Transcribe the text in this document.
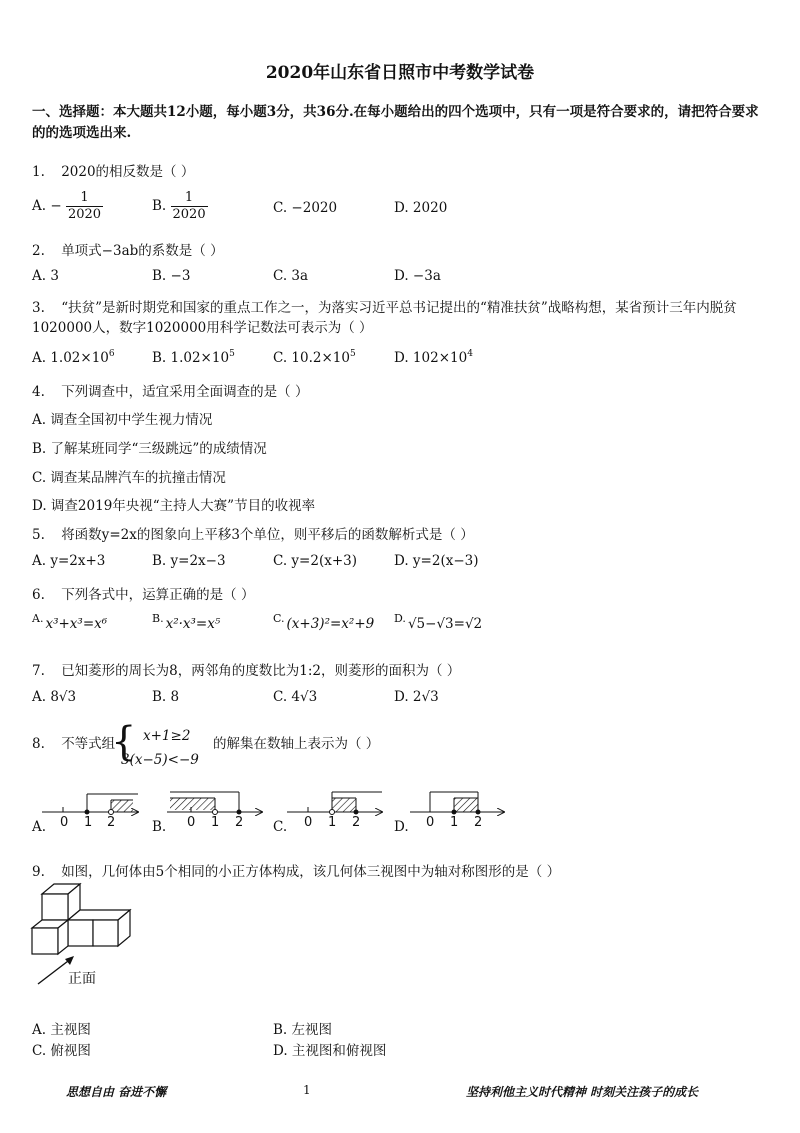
2020年山东省日照市中考数学试卷
一、选择题：本大题共12小题，每小题3分，共36分.在每小题给出的四个选项中，只有一项是符合要求的，请把符合要求的的选项选出来.
1. 2020的相反数是（ ）
A. − $\frac{1}{2020}$	B. $\frac{1}{2020}$	C. −2020	D. 2020
2. 单项式−3ab的系数是（ ）
A. 3	B. −3	C. 3a	D. −3a
3. “扶贫”是新时期党和国家的重点工作之一，为落实习近平总书记提出的“精准扶贫”战略构想，某省预计三年内脱贫1020000人，数字1020000用科学记数法可表示为（ ）
A. $1.02\times 10^6$	B. $1.02\times 10^5$	C. $10.2\times 10^5$	D. $102\times 10^4$
4. 下列调查中，适宜采用全面调查的是（ ）
A. 调查全国初中学生视力情况
B. 了解某班同学“三级跳远”的成绩情况
C. 调查某品牌汽车的抗撞击情况
D. 调查2019年央视“主持人大赛”节目的收视率
5. 将函数y=2x的图象向上平移3个单位，则平移后的函数解析式是（ ）
A. y=2x+3	B. y=2x−3	C. y=2(x+3)	D. y=2(x−3)
6. 下列各式中，运算正确的是（ ）
$^{A.}$ x³+x³=x⁶	$^{B.}$ x²·x³=x⁵	$^{C.}$ (x+3)²=x²+9 $^{D.}$ √5−√3=√2
7. 已知菱形的周长为8，两邻角的度数比为1:2，则菱形的面积为（ ）
A. 8√3	B. 8	C. 4√3	D. 2√3
8. 不等式组
{ x+1≥2
3(x−5)<−9
的解集在数轴上表示为（ ）
A. 0 1 2	B. 0 1 2 C. 0 1 2 D. 0 1 2
9. 如图，几何体由5个相同的小正方体构成，该几何体三视图中为轴对称图形的是（ ）
正面
A. 主视图	B. 左视图
C. 俯视图	D. 主视图和俯视图
思想自由 奋进不懈	1	坚持利他主义时代精神 时刻关注孩子的成长
